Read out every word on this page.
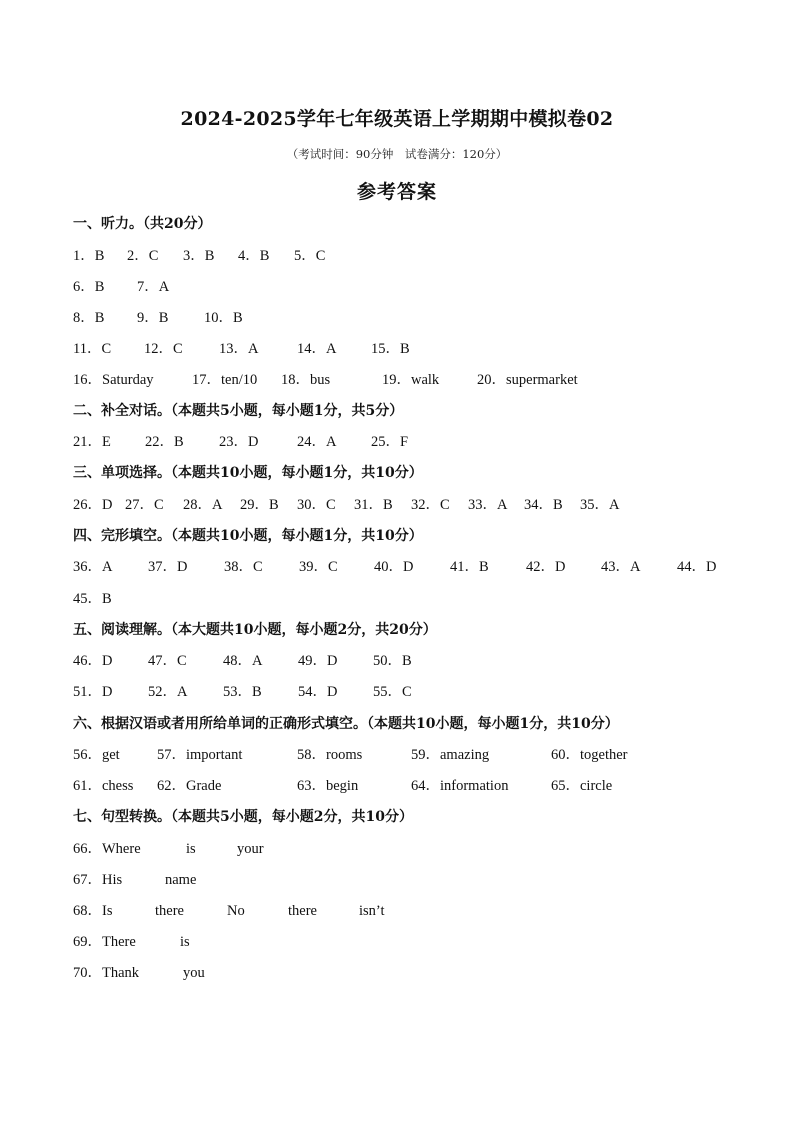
2024-2025学年七年级英语上学期期中模拟卷02
（考试时间：90分钟　试卷满分：120分）
参考答案
一、听力。（共20分）
1．B 2．C 3．B 4．B 5．C
6．B 7．A
8．B 9．B 10．B
11．C 12．C	13．A	14．A 15．B
16．Saturday	17．ten/10 18．bus	19．walk	20．supermarket
二、补全对话。（本题共5小题，每小题1分，共5分）
21．E 22．B 23．D	24．A 25．F
三、单项选择。（本题共10小题，每小题1分，共10分）
26．D 27．C 28．A 29．B 30．C 31．B 32．C 33．A 34．B 35．A
四、完形填空。（本题共10小题，每小题1分，共10分）
36．A 37．D	38．C	39．C	40．D	41．B	42．D 43．A	44．D
45．B
五、阅读理解。（本大题共10小题，每小题2分，共20分）
46．D 47．C	48．A 49．D 50．B
51．D 52．A 53．B	54．D 55．C
六、根据汉语或者用所给单词的正确形式填空。（本题共10小题，每小题1分，共10分）
56．get	57．important	58．rooms	59．amazing	60．together
61．chess 62．Grade	63．begin	64．information	65．circle
七、句型转换。（本题共5小题，每小题2分，共10分）
66．Where	is	your
67．His	name
68．Is	there	No	there	isn’t
69．There	is
70．Thank	you
